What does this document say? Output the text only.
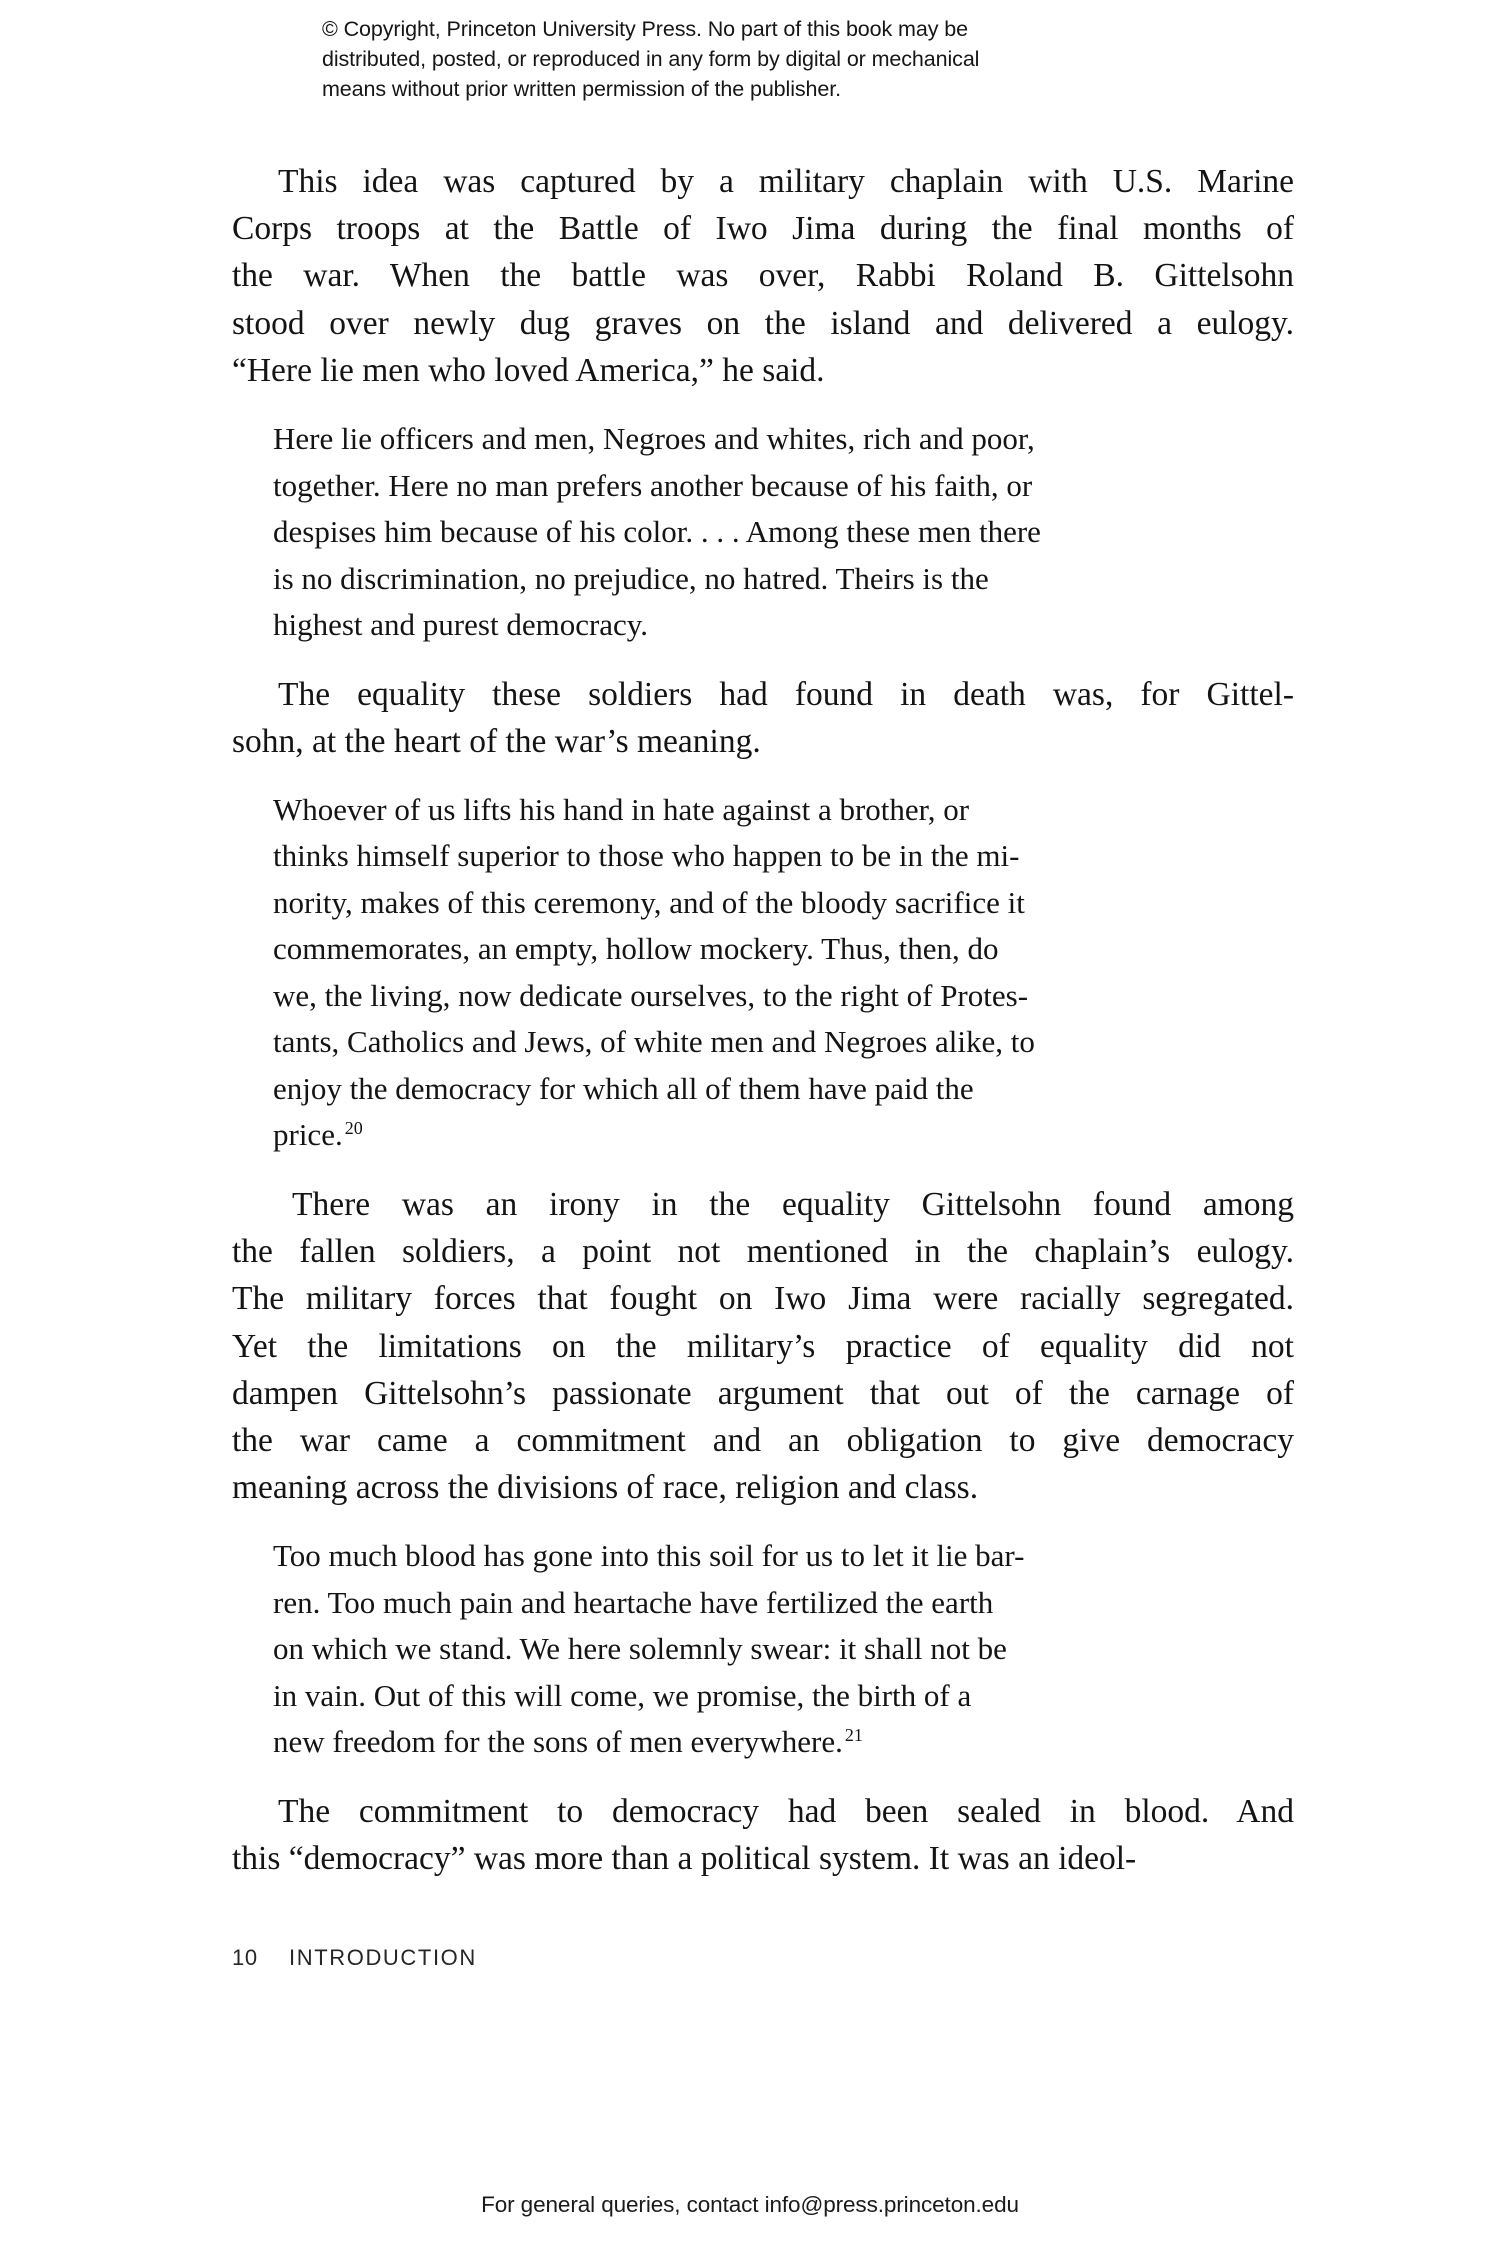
© Copyright, Princeton University Press. No part of this book may be
distributed, posted, or reproduced in any form by digital or mechanical
means without prior written permission of the publisher.
This idea was captured by a military chaplain with U.S. Marine
Corps troops at the Battle of Iwo Jima during the final months of
the war. When the battle was over, Rabbi Roland B. Gittelsohn
stood over newly dug graves on the island and delivered a eulogy.
“Here lie men who loved America,” he said.
Here lie officers and men, Negroes and whites, rich and poor,
together. Here no man prefers another because of his faith, or
despises him because of his color. . . . Among these men there
is no discrimination, no prejudice, no hatred. Theirs is the
highest and purest democracy.
The equality these soldiers had found in death was, for Gittel-
sohn, at the heart of the war’s meaning.
Whoever of us lifts his hand in hate against a brother, or
thinks himself superior to those who happen to be in the mi-
nority, makes of this ceremony, and of the bloody sacrifice it
commemorates, an empty, hollow mockery. Thus, then, do
we, the living, now dedicate ourselves, to the right of Protes-
tants, Catholics and Jews, of white men and Negroes alike, to
enjoy the democracy for which all of them have paid the
price. $^{20}$
There was an irony in the equality Gittelsohn found among
the fallen soldiers, a point not mentioned in the chaplain’s eulogy.
The military forces that fought on Iwo Jima were racially segregated.
Yet the limitations on the military’s practice of equality did not
dampen Gittelsohn’s passionate argument that out of the carnage of
the war came a commitment and an obligation to give democracy
meaning across the divisions of race, religion and class.
Too much blood has gone into this soil for us to let it lie bar-
ren. Too much pain and heartache have fertilized the earth
on which we stand. We here solemnly swear: it shall not be
in vain. Out of this will come, we promise, the birth of a
new freedom for the sons of men everywhere. $^{21}$
The commitment to democracy had been sealed in blood. And
this “democracy” was more than a political system. It was an ideol-
10	INTRODUCTION
For general queries, contact info@press.princeton.edu
